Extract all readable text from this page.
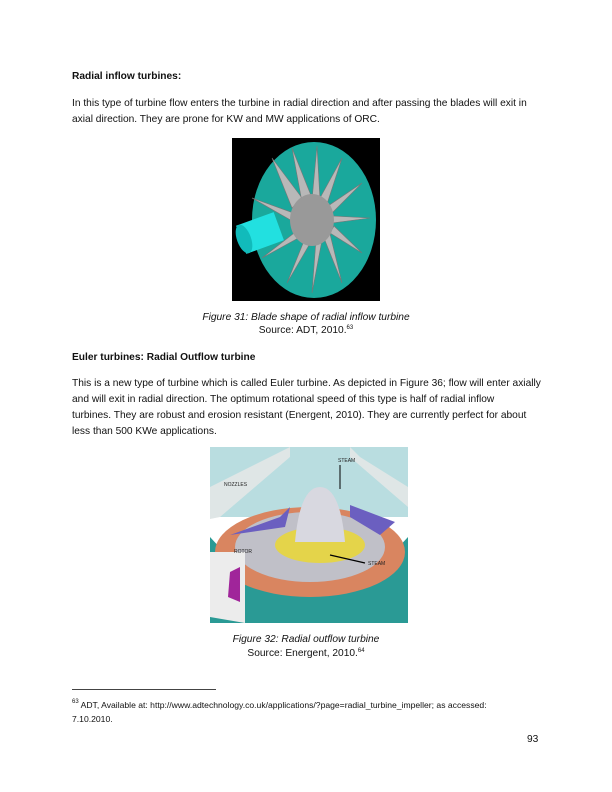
Radial inflow turbines:
In this type of turbine flow enters the turbine in radial direction and after passing the blades will exit in
axial direction. They are prone for KW and MW applications of ORC.
Figure 31: Blade shape of radial inflow turbine
Source: ADT, 2010.63
Euler turbines: Radial Outflow turbine
This is a new type of turbine which is called Euler turbine. As depicted in Figure 36; flow will enter axially
and will exit in radial direction. The optimum rotational speed of this type is half of radial inflow
turbines. They are robust and erosion resistant (Energent, 2010). They are currently perfect for about
less than 500 KWe applications.
STEAM
NOZZLES
ROTOR
STEAM
Figure 32: Radial outflow turbine
Source: Energent, 2010.64
$^{63}$ ADT, Available at: http://www.adtechnology.co.uk/applications/?page=radial_turbine_impeller; as accessed:
7.10.2010.
93
